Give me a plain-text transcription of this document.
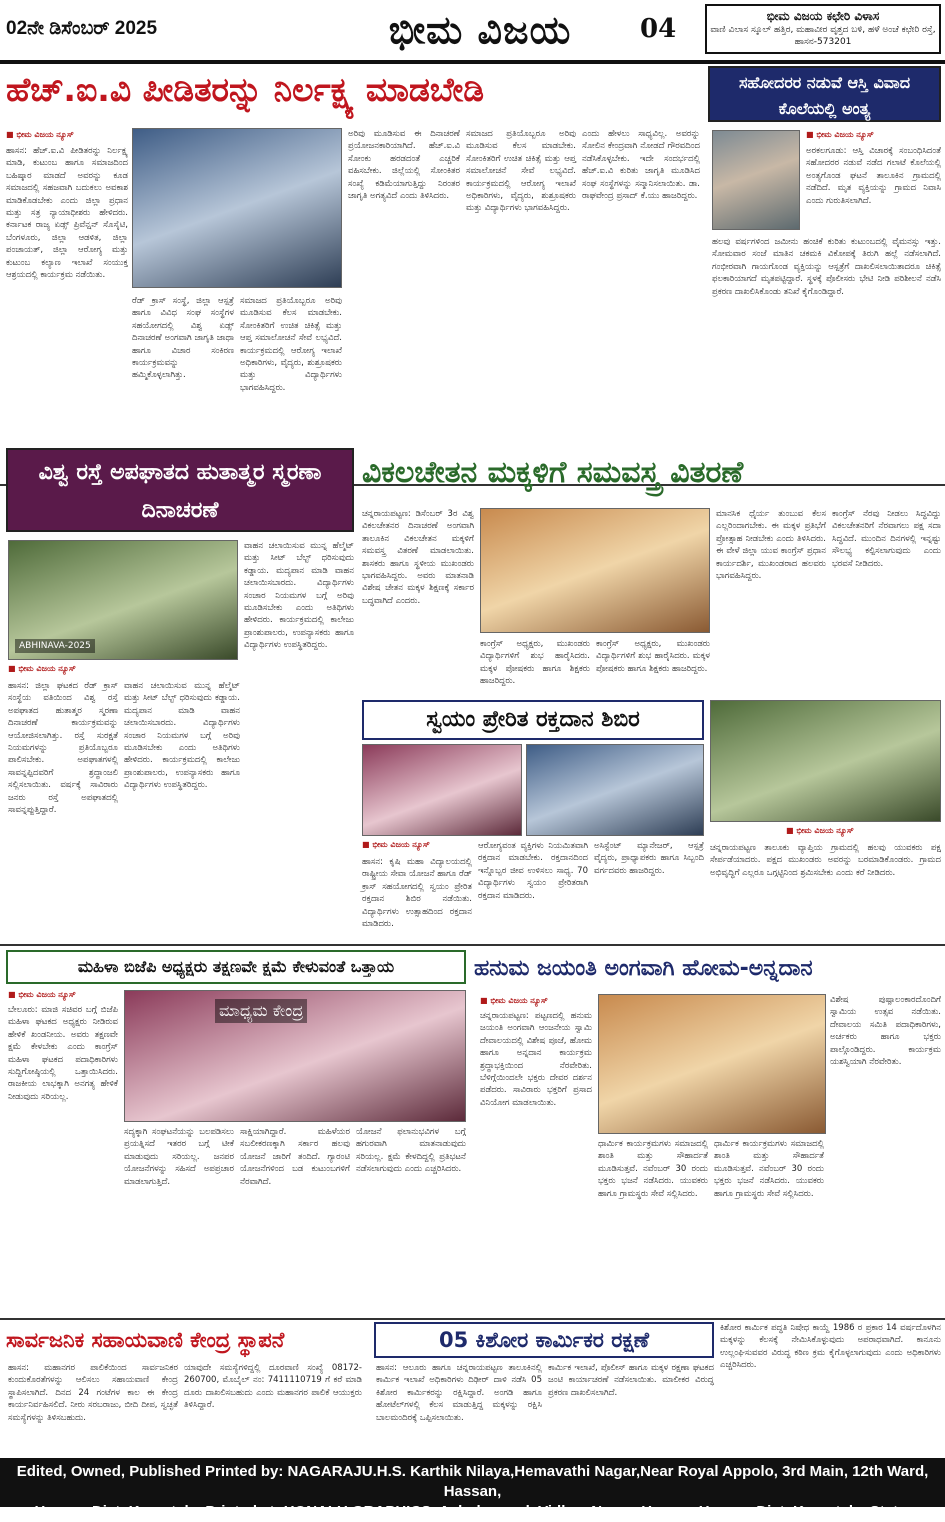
02ನೇ ಡಿಸೆಂಬರ್ 2025	ಭೀಮ ವಿಜಯ	04	ಭೀಮ ವಿಜಯ ಕಛೇರಿ ವಿಳಾಸ
ವಾಣಿ ವಿಲಾಸ ಸ್ಕೂಲ್ ಹತ್ತಿರ, ಮಹಾವೀರ ವೃತ್ತದ ಬಳಿ, ಹಳೆ ಅಂಚೆ ಕಛೇರಿ ರಸ್ತೆ, ಹಾಸನ-573201
ಹೆಚ್.ಐ.ವಿ ಪೀಡಿತರನ್ನು ನಿರ್ಲಕ್ಷ್ಯ ಮಾಡಬೇಡಿ
■ ಭೀಮ ವಿಜಯ ನ್ಯೂಸ್
ಹಾಸನ: ಹೆಚ್.ಐ.ವಿ ಪೀಡಿತರನ್ನು ನಿರ್ಲಕ್ಷ್ಯ ಮಾಡಿ, ಕುಟುಂಬ ಹಾಗೂ ಸಮಾಜದಿಂದ ಬಹಿಷ್ಕಾರ ಮಾಡದೆ ಅವರನ್ನು ಕೂಡ ಸಮಾಜದಲ್ಲಿ ಸಹಜವಾಗಿ ಬದುಕಲು ಅವಕಾಶ ಮಾಡಿಕೊಡಬೇಕು ಎಂದು ಜಿಲ್ಲಾ ಪ್ರಧಾನ ಮತ್ತು ಸತ್ರ ನ್ಯಾಯಾಧೀಶರು ಹೇಳಿದರು. ಕರ್ನಾಟಕ ರಾಜ್ಯ ಏಡ್ಸ್ ಪ್ರಿವೆನ್ಷನ್ ಸೊಸೈಟಿ, ಬೆಂಗಳೂರು, ಜಿಲ್ಲಾ ಆಡಳಿತ, ಜಿಲ್ಲಾ ಪಂಚಾಯತ್, ಜಿಲ್ಲಾ ಆರೋಗ್ಯ ಮತ್ತು ಕುಟುಂಬ ಕಲ್ಯಾಣ ಇಲಾಖೆ ಸಂಯುಕ್ತ ಆಶ್ರಯದಲ್ಲಿ ಕಾರ್ಯಕ್ರಮ ನಡೆಯಿತು.
ರೆಡ್ ಕ್ರಾಸ್ ಸಂಸ್ಥೆ, ಜಿಲ್ಲಾ ಆಸ್ಪತ್ರೆ ಹಾಗೂ ವಿವಿಧ ಸಂಘ ಸಂಸ್ಥೆಗಳ ಸಹಯೋಗದಲ್ಲಿ ವಿಶ್ವ ಏಡ್ಸ್ ದಿನಾಚರಣೆ ಅಂಗವಾಗಿ ಜಾಗೃತಿ ಜಾಥಾ ಹಾಗೂ ವಿಚಾರ ಸಂಕಿರಣ ಕಾರ್ಯಕ್ರಮವನ್ನು ಹಮ್ಮಿಕೊಳ್ಳಲಾಗಿತ್ತು.
ಸಮಾಜದ ಪ್ರತಿಯೊಬ್ಬರೂ ಅರಿವು ಮೂಡಿಸುವ ಕೆಲಸ ಮಾಡಬೇಕು. ಸೋಂಕಿತರಿಗೆ ಉಚಿತ ಚಿಕಿತ್ಸೆ ಮತ್ತು ಆಪ್ತ ಸಮಾಲೋಚನೆ ಸೇವೆ ಲಭ್ಯವಿದೆ. ಕಾರ್ಯಕ್ರಮದಲ್ಲಿ ಆರೋಗ್ಯ ಇಲಾಖೆ ಅಧಿಕಾರಿಗಳು, ವೈದ್ಯರು, ಶುಶ್ರೂಷಕರು ಮತ್ತು ವಿದ್ಯಾರ್ಥಿಗಳು ಭಾಗವಹಿಸಿದ್ದರು.
ಅರಿವು ಮೂಡಿಸುವ ಈ ದಿನಾಚರಣೆ ಪ್ರಯೋಜನಕಾರಿಯಾಗಿದೆ. ಹೆಚ್.ಐ.ವಿ ಸೋಂಕು ಹರಡದಂತೆ ಎಚ್ಚರಿಕೆ ವಹಿಸಬೇಕು. ಜಿಲ್ಲೆಯಲ್ಲಿ ಸೋಂಕಿತರ ಸಂಖ್ಯೆ ಕಡಿಮೆಯಾಗುತ್ತಿದ್ದು ನಿರಂತರ ಜಾಗೃತಿ ಅಗತ್ಯವಿದೆ ಎಂದು ತಿಳಿಸಿದರು.
ಸಮಾಜದ ಪ್ರತಿಯೊಬ್ಬರೂ ಅರಿವು ಮೂಡಿಸುವ ಕೆಲಸ ಮಾಡಬೇಕು. ಸೋಂಕಿತರಿಗೆ ಉಚಿತ ಚಿಕಿತ್ಸೆ ಮತ್ತು ಆಪ್ತ ಸಮಾಲೋಚನೆ ಸೇವೆ ಲಭ್ಯವಿದೆ. ಕಾರ್ಯಕ್ರಮದಲ್ಲಿ ಆರೋಗ್ಯ ಇಲಾಖೆ ಅಧಿಕಾರಿಗಳು, ವೈದ್ಯರು, ಶುಶ್ರೂಷಕರು ಮತ್ತು ವಿದ್ಯಾರ್ಥಿಗಳು ಭಾಗವಹಿಸಿದ್ದರು.
ಎಂದು ಹೇಳಲು ಸಾಧ್ಯವಿಲ್ಲ. ಅವರನ್ನು ಸೋಲಿನ ಕೇಂದ್ರವಾಗಿ ನೋಡದೆ ಗೌರವದಿಂದ ನಡೆಸಿಕೊಳ್ಳಬೇಕು. ಇದೇ ಸಂದರ್ಭದಲ್ಲಿ ಹೆಚ್.ಐ.ವಿ ಕುರಿತು ಜಾಗೃತಿ ಮೂಡಿಸಿದ ಸಂಘ ಸಂಸ್ಥೆಗಳನ್ನು ಸನ್ಮಾನಿಸಲಾಯಿತು. ಡಾ. ರಾಘವೇಂದ್ರ ಪ್ರಸಾದ್ ಕೆ.ಯು ಹಾಜರಿದ್ದರು.
ಸಹೋದರರ ನಡುವೆ ಆಸ್ತಿ ವಿವಾದ ಕೊಲೆಯಲ್ಲಿ ಅಂತ್ಯ
■ ಭೀಮ ವಿಜಯ ನ್ಯೂಸ್
ಅರಕಲಗೂಡು: ಆಸ್ತಿ ವಿಚಾರಕ್ಕೆ ಸಂಬಂಧಿಸಿದಂತೆ ಸಹೋದರರ ನಡುವೆ ನಡೆದ ಗಲಾಟೆ ಕೊಲೆಯಲ್ಲಿ ಅಂತ್ಯಗೊಂಡ ಘಟನೆ ತಾಲೂಕಿನ ಗ್ರಾಮದಲ್ಲಿ ನಡೆದಿದೆ. ಮೃತ ವ್ಯಕ್ತಿಯನ್ನು ಗ್ರಾಮದ ನಿವಾಸಿ ಎಂದು ಗುರುತಿಸಲಾಗಿದೆ.
ಹಲವು ವರ್ಷಗಳಿಂದ ಜಮೀನು ಹಂಚಿಕೆ ಕುರಿತು ಕುಟುಂಬದಲ್ಲಿ ವೈಮನಸ್ಸು ಇತ್ತು. ಸೋಮವಾರ ಸಂಜೆ ಮಾತಿನ ಚಕಮಕಿ ವಿಕೋಪಕ್ಕೆ ತಿರುಗಿ ಹಲ್ಲೆ ನಡೆಸಲಾಗಿದೆ. ಗಂಭೀರವಾಗಿ ಗಾಯಗೊಂಡ ವ್ಯಕ್ತಿಯನ್ನು ಆಸ್ಪತ್ರೆಗೆ ದಾಖಲಿಸಲಾಯಿತಾದರೂ ಚಿಕಿತ್ಸೆ ಫಲಕಾರಿಯಾಗದೆ ಮೃತಪಟ್ಟಿದ್ದಾರೆ. ಸ್ಥಳಕ್ಕೆ ಪೊಲೀಸರು ಭೇಟಿ ನೀಡಿ ಪರಿಶೀಲನೆ ನಡೆಸಿ ಪ್ರಕರಣ ದಾಖಲಿಸಿಕೊಂಡು ತನಿಖೆ ಕೈಗೊಂಡಿದ್ದಾರೆ.
ವಿಶ್ವ ರಸ್ತೆ ಅಪಘಾತದ ಹುತಾತ್ಮರ ಸ್ಮರಣಾ ದಿನಾಚರಣೆ
ABHINAVA-2025
■ ಭೀಮ ವಿಜಯ ನ್ಯೂಸ್
ಹಾಸನ: ಜಿಲ್ಲಾ ಘಟಕದ ರೆಡ್ ಕ್ರಾಸ್ ಸಂಸ್ಥೆಯ ವತಿಯಿಂದ ವಿಶ್ವ ರಸ್ತೆ ಅಪಘಾತದ ಹುತಾತ್ಮರ ಸ್ಮರಣಾ ದಿನಾಚರಣೆ ಕಾರ್ಯಕ್ರಮವನ್ನು ಆಯೋಜಿಸಲಾಗಿತ್ತು. ರಸ್ತೆ ಸುರಕ್ಷತೆ ನಿಯಮಗಳನ್ನು ಪ್ರತಿಯೊಬ್ಬರೂ ಪಾಲಿಸಬೇಕು. ಅಪಘಾತಗಳಲ್ಲಿ ಸಾವನ್ನಪ್ಪಿದವರಿಗೆ ಶ್ರದ್ಧಾಂಜಲಿ ಸಲ್ಲಿಸಲಾಯಿತು. ವರ್ಷಕ್ಕೆ ಸಾವಿರಾರು ಜನರು ರಸ್ತೆ ಅಪಘಾತದಲ್ಲಿ ಸಾವನ್ನಪ್ಪುತ್ತಿದ್ದಾರೆ.
ವಾಹನ ಚಲಾಯಿಸುವ ಮುನ್ನ ಹೆಲ್ಮೆಟ್ ಮತ್ತು ಸೀಟ್ ಬೆಲ್ಟ್ ಧರಿಸುವುದು ಕಡ್ಡಾಯ. ಮದ್ಯಪಾನ ಮಾಡಿ ವಾಹನ ಚಲಾಯಿಸಬಾರದು. ವಿದ್ಯಾರ್ಥಿಗಳು ಸಂಚಾರ ನಿಯಮಗಳ ಬಗ್ಗೆ ಅರಿವು ಮೂಡಿಸಬೇಕು ಎಂದು ಅತಿಥಿಗಳು ಹೇಳಿದರು. ಕಾರ್ಯಕ್ರಮದಲ್ಲಿ ಕಾಲೇಜು ಪ್ರಾಂಶುಪಾಲರು, ಉಪನ್ಯಾಸಕರು ಹಾಗೂ ವಿದ್ಯಾರ್ಥಿಗಳು ಉಪಸ್ಥಿತರಿದ್ದರು.
ವಾಹನ ಚಲಾಯಿಸುವ ಮುನ್ನ ಹೆಲ್ಮೆಟ್ ಮತ್ತು ಸೀಟ್ ಬೆಲ್ಟ್ ಧರಿಸುವುದು ಕಡ್ಡಾಯ. ಮದ್ಯಪಾನ ಮಾಡಿ ವಾಹನ ಚಲಾಯಿಸಬಾರದು. ವಿದ್ಯಾರ್ಥಿಗಳು ಸಂಚಾರ ನಿಯಮಗಳ ಬಗ್ಗೆ ಅರಿವು ಮೂಡಿಸಬೇಕು ಎಂದು ಅತಿಥಿಗಳು ಹೇಳಿದರು. ಕಾರ್ಯಕ್ರಮದಲ್ಲಿ ಕಾಲೇಜು ಪ್ರಾಂಶುಪಾಲರು, ಉಪನ್ಯಾಸಕರು ಹಾಗೂ ವಿದ್ಯಾರ್ಥಿಗಳು ಉಪಸ್ಥಿತರಿದ್ದರು.
ವಿಕಲಚೇತನ ಮಕ್ಕಳಿಗೆ ಸಮವಸ್ತ್ರ ವಿತರಣೆ
ಚನ್ನರಾಯಪಟ್ಟಣ: ಡಿಸೆಂಬರ್ 3ರ ವಿಶ್ವ ವಿಕಲಚೇತನರ ದಿನಾಚರಣೆ ಅಂಗವಾಗಿ ತಾಲೂಕಿನ ವಿಕಲಚೇತನ ಮಕ್ಕಳಿಗೆ ಸಮವಸ್ತ್ರ ವಿತರಣೆ ಮಾಡಲಾಯಿತು. ಶಾಸಕರು ಹಾಗೂ ಸ್ಥಳೀಯ ಮುಖಂಡರು ಭಾಗವಹಿಸಿದ್ದರು. ಅವರು ಮಾತನಾಡಿ ವಿಶೇಷ ಚೇತನ ಮಕ್ಕಳ ಶಿಕ್ಷಣಕ್ಕೆ ಸರ್ಕಾರ ಬದ್ಧವಾಗಿದೆ ಎಂದರು.
ಕಾಂಗ್ರೆಸ್ ಅಧ್ಯಕ್ಷರು, ಮುಖಂಡರು ವಿದ್ಯಾರ್ಥಿಗಳಿಗೆ ಶುಭ ಹಾರೈಸಿದರು. ಮಕ್ಕಳ ಪೋಷಕರು ಹಾಗೂ ಶಿಕ್ಷಕರು ಹಾಜರಿದ್ದರು.
ಕಾಂಗ್ರೆಸ್ ಅಧ್ಯಕ್ಷರು, ಮುಖಂಡರು ವಿದ್ಯಾರ್ಥಿಗಳಿಗೆ ಶುಭ ಹಾರೈಸಿದರು. ಮಕ್ಕಳ ಪೋಷಕರು ಹಾಗೂ ಶಿಕ್ಷಕರು ಹಾಜರಿದ್ದರು.
ಮಾನಸಿಕ ಧೈರ್ಯ ತುಂಬುವ ಕೆಲಸ ಎಲ್ಲರಿಂದಾಗಬೇಕು. ಈ ಮಕ್ಕಳ ಪ್ರತಿಭೆಗೆ ಪ್ರೋತ್ಸಾಹ ನೀಡಬೇಕು ಎಂದು ತಿಳಿಸಿದರು. ಈ ವೇಳೆ ಜಿಲ್ಲಾ ಯುವ ಕಾಂಗ್ರೆಸ್ ಪ್ರಧಾನ ಕಾರ್ಯದರ್ಶಿ, ಮುಖಂಡರಾದ ಹಲವರು ಭಾಗವಹಿಸಿದ್ದರು.
ಕಾಂಗ್ರೆಸ್ ನೆರವು ನೀಡಲು ಸಿದ್ಧವಿದ್ದು ವಿಕಲಚೇತನರಿಗೆ ನೆರವಾಗಲು ಪಕ್ಷ ಸದಾ ಸಿದ್ಧವಿದೆ. ಮುಂದಿನ ದಿನಗಳಲ್ಲಿ ಇನ್ನಷ್ಟು ಸೌಲಭ್ಯ ಕಲ್ಪಿಸಲಾಗುವುದು ಎಂದು ಭರವಸೆ ನೀಡಿದರು.
ಸ್ವಯಂ ಪ್ರೇರಿತ ರಕ್ತದಾನ ಶಿಬಿರ
■ ಭೀಮ ವಿಜಯ ನ್ಯೂಸ್
ಹಾಸನ: ಕೃಷಿ ಮಹಾ ವಿದ್ಯಾಲಯದಲ್ಲಿ ರಾಷ್ಟ್ರೀಯ ಸೇವಾ ಯೋಜನೆ ಹಾಗೂ ರೆಡ್ ಕ್ರಾಸ್ ಸಹಯೋಗದಲ್ಲಿ ಸ್ವಯಂ ಪ್ರೇರಿತ ರಕ್ತದಾನ ಶಿಬಿರ ನಡೆಯಿತು. ವಿದ್ಯಾರ್ಥಿಗಳು ಉತ್ಸಾಹದಿಂದ ರಕ್ತದಾನ ಮಾಡಿದರು.
ಆರೋಗ್ಯವಂತ ವ್ಯಕ್ತಿಗಳು ನಿಯಮಿತವಾಗಿ ರಕ್ತದಾನ ಮಾಡಬೇಕು. ರಕ್ತದಾನದಿಂದ ಇನ್ನೊಬ್ಬರ ಜೀವ ಉಳಿಸಲು ಸಾಧ್ಯ. 70 ವಿದ್ಯಾರ್ಥಿಗಳು ಸ್ವಯಂ ಪ್ರೇರಿತರಾಗಿ ರಕ್ತದಾನ ಮಾಡಿದರು.
ಅಸಿಸ್ಟೆಂಟ್ ಮ್ಯಾನೇಜರ್, ಆಸ್ಪತ್ರೆ ವೈದ್ಯರು, ಪ್ರಾಧ್ಯಾಪಕರು ಹಾಗೂ ಸಿಬ್ಬಂದಿ ವರ್ಗದವರು ಹಾಜರಿದ್ದರು.
■ ಭೀಮ ವಿಜಯ ನ್ಯೂಸ್
ಚನ್ನರಾಯಪಟ್ಟಣ ತಾಲೂಕು ವ್ಯಾಪ್ತಿಯ ಗ್ರಾಮದಲ್ಲಿ ಹಲವು ಯುವಕರು ಪಕ್ಷ ಸೇರ್ಪಡೆಯಾದರು. ಪಕ್ಷದ ಮುಖಂಡರು ಅವರನ್ನು ಬರಮಾಡಿಕೊಂಡರು. ಗ್ರಾಮದ ಅಭಿವೃದ್ಧಿಗೆ ಎಲ್ಲರೂ ಒಗ್ಗಟ್ಟಿನಿಂದ ಶ್ರಮಿಸಬೇಕು ಎಂದು ಕರೆ ನೀಡಿದರು.
ಮಹಿಳಾ ಬಿಜೆಪಿ ಅಧ್ಯಕ್ಷರು ತಕ್ಷಣವೇ ಕ್ಷಮೆ ಕೇಳುವಂತೆ ಒತ್ತಾಯ
■ ಭೀಮ ವಿಜಯ ನ್ಯೂಸ್
ಬೇಲೂರು: ಮಾಜಿ ಸಚಿವರ ಬಗ್ಗೆ ಬಿಜೆಪಿ ಮಹಿಳಾ ಘಟಕದ ಅಧ್ಯಕ್ಷರು ನೀಡಿರುವ ಹೇಳಿಕೆ ಖಂಡನೀಯ. ಅವರು ತಕ್ಷಣವೇ ಕ್ಷಮೆ ಕೇಳಬೇಕು ಎಂದು ಕಾಂಗ್ರೆಸ್ ಮಹಿಳಾ ಘಟಕದ ಪದಾಧಿಕಾರಿಗಳು ಸುದ್ದಿಗೋಷ್ಠಿಯಲ್ಲಿ ಒತ್ತಾಯಿಸಿದರು. ರಾಜಕೀಯ ಲಾಭಕ್ಕಾಗಿ ಅನಗತ್ಯ ಹೇಳಿಕೆ ನೀಡುವುದು ಸರಿಯಲ್ಲ.
ಮಾಧ್ಯಮ ಕೇಂದ್ರ
ಸದ್ಯಕ್ಕಾಗಿ ಸಂಘಟನೆಯನ್ನು ಬಲಪಡಿಸಲು ಪ್ರಯತ್ನಿಸದೆ ಇತರರ ಬಗ್ಗೆ ಟೀಕೆ ಮಾಡುವುದು ಸರಿಯಲ್ಲ. ಜನಪರ ಯೋಜನೆಗಳನ್ನು ಸಹಿಸದೆ ಅಪಪ್ರಚಾರ ಮಾಡಲಾಗುತ್ತಿದೆ.
ಸಾಕ್ಷಿಯಾಗಿದ್ದಾರೆ. ಮಹಿಳೆಯರ ಸಬಲೀಕರಣಕ್ಕಾಗಿ ಸರ್ಕಾರ ಹಲವು ಯೋಜನೆ ಜಾರಿಗೆ ತಂದಿದೆ. ಗ್ಯಾರಂಟಿ ಯೋಜನೆಗಳಿಂದ ಬಡ ಕುಟುಂಬಗಳಿಗೆ ನೆರವಾಗಿದೆ.
ಯೋಜನೆ ಫಲಾನುಭವಿಗಳ ಬಗ್ಗೆ ಹಗುರವಾಗಿ ಮಾತನಾಡುವುದು ಸರಿಯಲ್ಲ. ಕ್ಷಮೆ ಕೇಳದಿದ್ದಲ್ಲಿ ಪ್ರತಿಭಟನೆ ನಡೆಸಲಾಗುವುದು ಎಂದು ಎಚ್ಚರಿಸಿದರು.
ಹನುಮ ಜಯಂತಿ ಅಂಗವಾಗಿ ಹೋಮ-ಅನ್ನದಾನ
■ ಭೀಮ ವಿಜಯ ನ್ಯೂಸ್
ಚನ್ನರಾಯಪಟ್ಟಣ: ಪಟ್ಟಣದಲ್ಲಿ ಹನುಮ ಜಯಂತಿ ಅಂಗವಾಗಿ ಆಂಜನೇಯ ಸ್ವಾಮಿ ದೇವಾಲಯದಲ್ಲಿ ವಿಶೇಷ ಪೂಜೆ, ಹೋಮ ಹಾಗೂ ಅನ್ನದಾನ ಕಾರ್ಯಕ್ರಮ ಶ್ರದ್ಧಾಭಕ್ತಿಯಿಂದ ನೆರವೇರಿತು. ಬೆಳಿಗ್ಗೆಯಿಂದಲೇ ಭಕ್ತರು ದೇವರ ದರ್ಶನ ಪಡೆದರು. ಸಾವಿರಾರು ಭಕ್ತರಿಗೆ ಪ್ರಸಾದ ವಿನಿಯೋಗ ಮಾಡಲಾಯಿತು.
ಧಾರ್ಮಿಕ ಕಾರ್ಯಕ್ರಮಗಳು ಸಮಾಜದಲ್ಲಿ ಶಾಂತಿ ಮತ್ತು ಸೌಹಾರ್ದತೆ ಮೂಡಿಸುತ್ತವೆ. ನವೆಂಬರ್ 30 ರಂದು ಭಕ್ತರು ಭಜನೆ ನಡೆಸಿದರು. ಯುವಕರು ಹಾಗೂ ಗ್ರಾಮಸ್ಥರು ಸೇವೆ ಸಲ್ಲಿಸಿದರು.
ಧಾರ್ಮಿಕ ಕಾರ್ಯಕ್ರಮಗಳು ಸಮಾಜದಲ್ಲಿ ಶಾಂತಿ ಮತ್ತು ಸೌಹಾರ್ದತೆ ಮೂಡಿಸುತ್ತವೆ. ನವೆಂಬರ್ 30 ರಂದು ಭಕ್ತರು ಭಜನೆ ನಡೆಸಿದರು. ಯುವಕರು ಹಾಗೂ ಗ್ರಾಮಸ್ಥರು ಸೇವೆ ಸಲ್ಲಿಸಿದರು.
ವಿಶೇಷ ಪುಷ್ಪಾಲಂಕಾರದೊಂದಿಗೆ ಸ್ವಾಮಿಯ ಉತ್ಸವ ನಡೆಯಿತು. ದೇವಾಲಯ ಸಮಿತಿ ಪದಾಧಿಕಾರಿಗಳು, ಅರ್ಚಕರು ಹಾಗೂ ಭಕ್ತರು ಪಾಲ್ಗೊಂಡಿದ್ದರು. ಕಾರ್ಯಕ್ರಮ ಯಶಸ್ವಿಯಾಗಿ ನೆರವೇರಿತು.
ಸಾರ್ವಜನಿಕ ಸಹಾಯವಾಣಿ ಕೇಂದ್ರ ಸ್ಥಾಪನೆ
ಹಾಸನ: ಮಹಾನಗರ ಪಾಲಿಕೆಯಿಂದ ಸಾರ್ವಜನಿಕರ ಕುಂದುಕೊರತೆಗಳನ್ನು ಆಲಿಸಲು ಸಹಾಯವಾಣಿ ಕೇಂದ್ರ ಸ್ಥಾಪಿಸಲಾಗಿದೆ. ದಿನದ 24 ಗಂಟೆಗಳ ಕಾಲ ಈ ಕೇಂದ್ರ ಕಾರ್ಯನಿರ್ವಹಿಸಲಿದೆ. ನೀರು ಸರಬರಾಜು, ಬೀದಿ ದೀಪ, ಸ್ವಚ್ಛತೆ ಸಮಸ್ಯೆಗಳನ್ನು ತಿಳಿಸಬಹುದು.
ಯಾವುದೇ ಸಮಸ್ಯೆಗಳಿದ್ದಲ್ಲಿ ದೂರವಾಣಿ ಸಂಖ್ಯೆ 08172-260700, ಮೊಬೈಲ್ ನಂ: 7411110719 ಗೆ ಕರೆ ಮಾಡಿ ದೂರು ದಾಖಲಿಸಬಹುದು ಎಂದು ಮಹಾನಗರ ಪಾಲಿಕೆ ಆಯುಕ್ತರು ತಿಳಿಸಿದ್ದಾರೆ.
05 ಕಿಶೋರ ಕಾರ್ಮಿಕರ ರಕ್ಷಣೆ
ಹಾಸನ: ಆಲೂರು ಹಾಗೂ ಚನ್ನರಾಯಪಟ್ಟಣ ತಾಲೂಕಿನಲ್ಲಿ ಕಾರ್ಮಿಕ ಇಲಾಖೆ ಅಧಿಕಾರಿಗಳು ದಿಢೀರ್ ದಾಳಿ ನಡೆಸಿ 05 ಕಿಶೋರ ಕಾರ್ಮಿಕರನ್ನು ರಕ್ಷಿಸಿದ್ದಾರೆ. ಅಂಗಡಿ ಹಾಗೂ ಹೋಟೆಲ್‌ಗಳಲ್ಲಿ ಕೆಲಸ ಮಾಡುತ್ತಿದ್ದ ಮಕ್ಕಳನ್ನು ರಕ್ಷಿಸಿ ಬಾಲಮಂದಿರಕ್ಕೆ ಒಪ್ಪಿಸಲಾಯಿತು.
ಕಾರ್ಮಿಕ ಇಲಾಖೆ, ಪೊಲೀಸ್ ಹಾಗೂ ಮಕ್ಕಳ ರಕ್ಷಣಾ ಘಟಕದ ಜಂಟಿ ಕಾರ್ಯಾಚರಣೆ ನಡೆಸಲಾಯಿತು. ಮಾಲೀಕರ ವಿರುದ್ಧ ಪ್ರಕರಣ ದಾಖಲಿಸಲಾಗಿದೆ.
ಕಿಶೋರ ಕಾರ್ಮಿಕ ಪದ್ಧತಿ ನಿಷೇಧ ಕಾಯ್ದೆ 1986 ರ ಪ್ರಕಾರ 14 ವರ್ಷದೊಳಗಿನ ಮಕ್ಕಳನ್ನು ಕೆಲಸಕ್ಕೆ ನೇಮಿಸಿಕೊಳ್ಳುವುದು ಅಪರಾಧವಾಗಿದೆ. ಕಾನೂನು ಉಲ್ಲಂಘಿಸುವವರ ವಿರುದ್ಧ ಕಠಿಣ ಕ್ರಮ ಕೈಗೊಳ್ಳಲಾಗುವುದು ಎಂದು ಅಧಿಕಾರಿಗಳು ಎಚ್ಚರಿಸಿದರು.
Edited, Owned, Published Printed by: NAGARAJU.H.S. Karthik Nilaya,Hemavathi Nagar,Near Royal Appolo, 3rd Main, 12th Ward, Hassan,
Hassan Dist. Karnataka Printed at: HONALU GRAPHICS, Ashoka road, Vidhya Nagar, Hassan Hassan Dist. Karnataka State.
